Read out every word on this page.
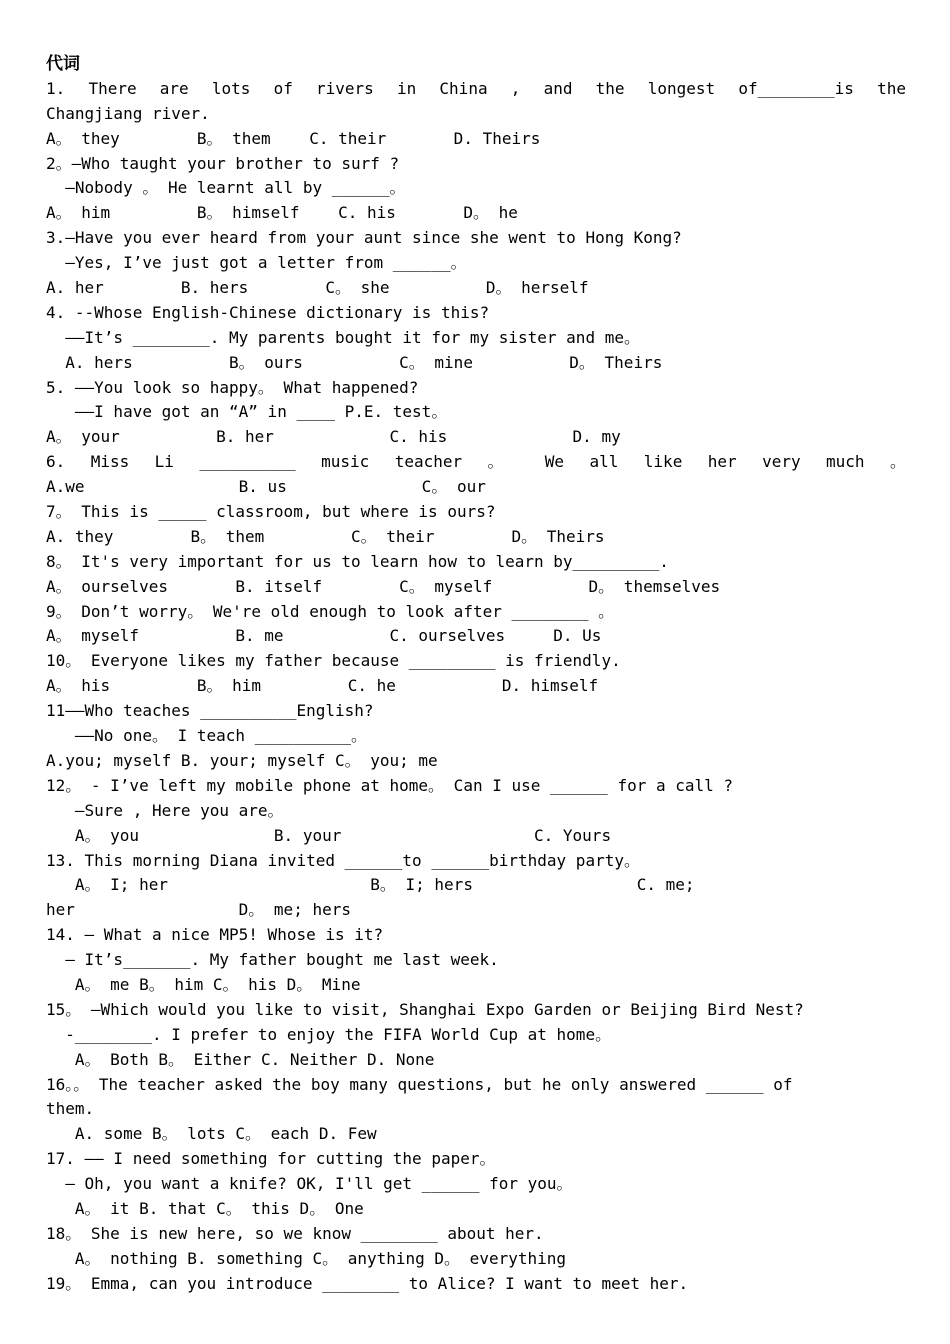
代词
1. There are lots of rivers in China , and the longest of________is the
Changjiang river.
A。 they        B。 them    C. their       D. Theirs
2。—Who taught your brother to surf ?
—Nobody 。 He learnt all by ______。
A。 him         B。 himself    C. his       D。 he
3.—Have you ever heard from your aunt since she went to Hong Kong?
—Yes, I’ve just got a letter from ______。
A. her        B. hers        C。 she          D。 herself
4. --Whose English-Chinese dictionary is this?
——It’s ________. My parents bought it for my sister and me。
A. hers          B。 ours          C。 mine          D。 Theirs
5. ——You look so happy。 What happened?
——I have got an “A” in ____ P.E. test。
A。 your          B. her            C. his             D. my
6. Miss Li __________ music teacher 。 We all like her very much 。
A.we                B. us              C。 our
7。 This is _____ classroom, but where is ours?
A. they        B。 them         C。 their        D。 Theirs
8。 It's very important for us to learn how to learn by_________.
A。 ourselves       B. itself        C。 myself          D。 themselves
9。 Don’t worry。 We're old enough to look after ________ 。
A。 myself          B. me           C. ourselves     D. Us
10。 Everyone likes my father because _________ is friendly.
A。 his         B。 him         C. he           D. himself
11——Who teaches __________English?
——No one。 I teach __________。
A.you; myself B. your; myself C。 you; me
12。 - I’ve left my mobile phone at home。 Can I use ______ for a call ?
—Sure , Here you are。
A。 you              B. your                    C. Yours
13. This morning Diana invited ______to ______birthday party。
A。 I; her                     B。 I; hers                 C. me;
her                 D。 me; hers
14. — What a nice MP5! Whose is it?
— It’s_______. My father bought me last week.
A。 me B。 him C。 his D。 Mine
15。 —Which would you like to visit, Shanghai Expo Garden or Beijing Bird Nest?
-________. I prefer to enjoy the FIFA World Cup at home。
A。 Both B。 Either C. Neither D. None
16。。 The teacher asked the boy many questions, but he only answered ______ of
them.
A. some B。 lots C。 each D. Few
17. —— I need something for cutting the paper。
— Oh, you want a knife? OK, I'll get ______ for you。
A。 it B. that C。 this D。 One
18。 She is new here, so we know ________ about her.
A。 nothing B. something C。 anything D。 everything
19。 Emma, can you introduce ________ to Alice? I want to meet her.
